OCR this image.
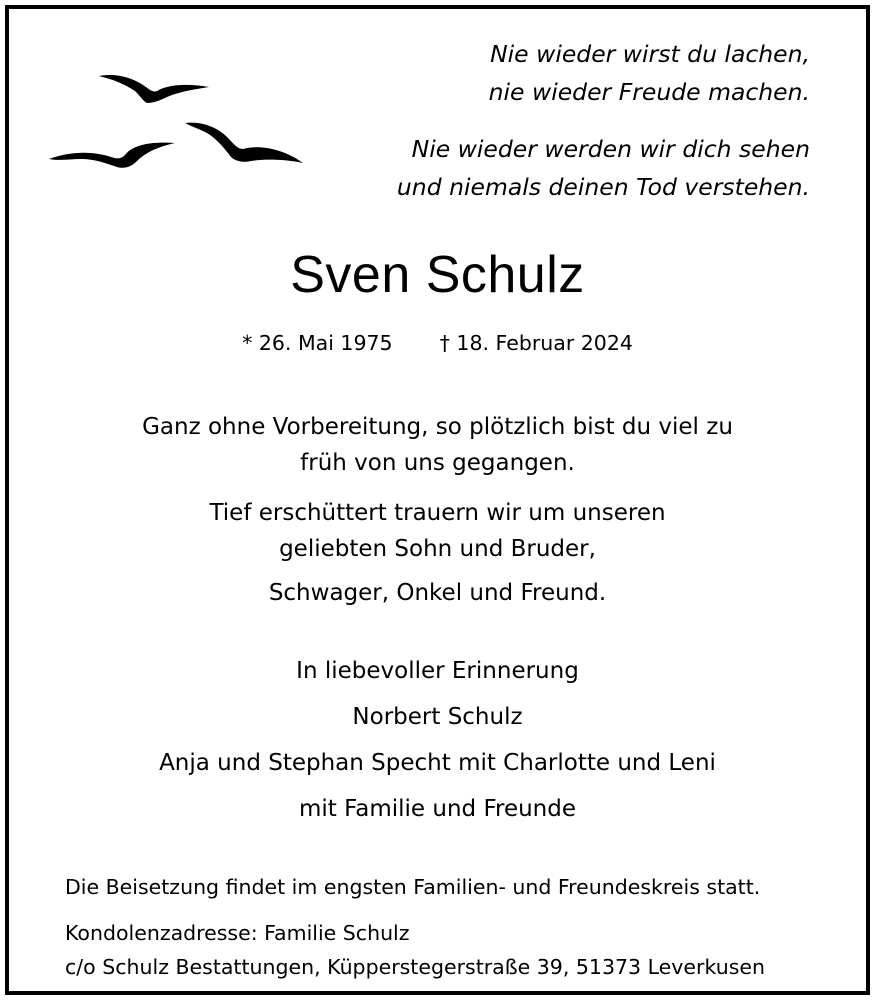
Nie wieder wirst du lachen,
nie wieder Freude machen.
Nie wieder werden wir dich sehen
und niemals deinen Tod verstehen.
Sven Schulz
* 26. Mai 1975 † 18. Februar 2024
Ganz ohne Vorbereitung, so plötzlich bist du viel zu
früh von uns gegangen.
Tief erschüttert trauern wir um unseren
geliebten Sohn und Bruder,
Schwager, Onkel und Freund.
In liebevoller Erinnerung
Norbert Schulz
Anja und Stephan Specht mit Charlotte und Leni
mit Familie und Freunde
Die Beisetzung findet im engsten Familien- und Freundeskreis statt.
Kondolenzadresse: Familie Schulz
c/o Schulz Bestattungen, Küpperstegerstraße 39, 51373 Leverkusen
